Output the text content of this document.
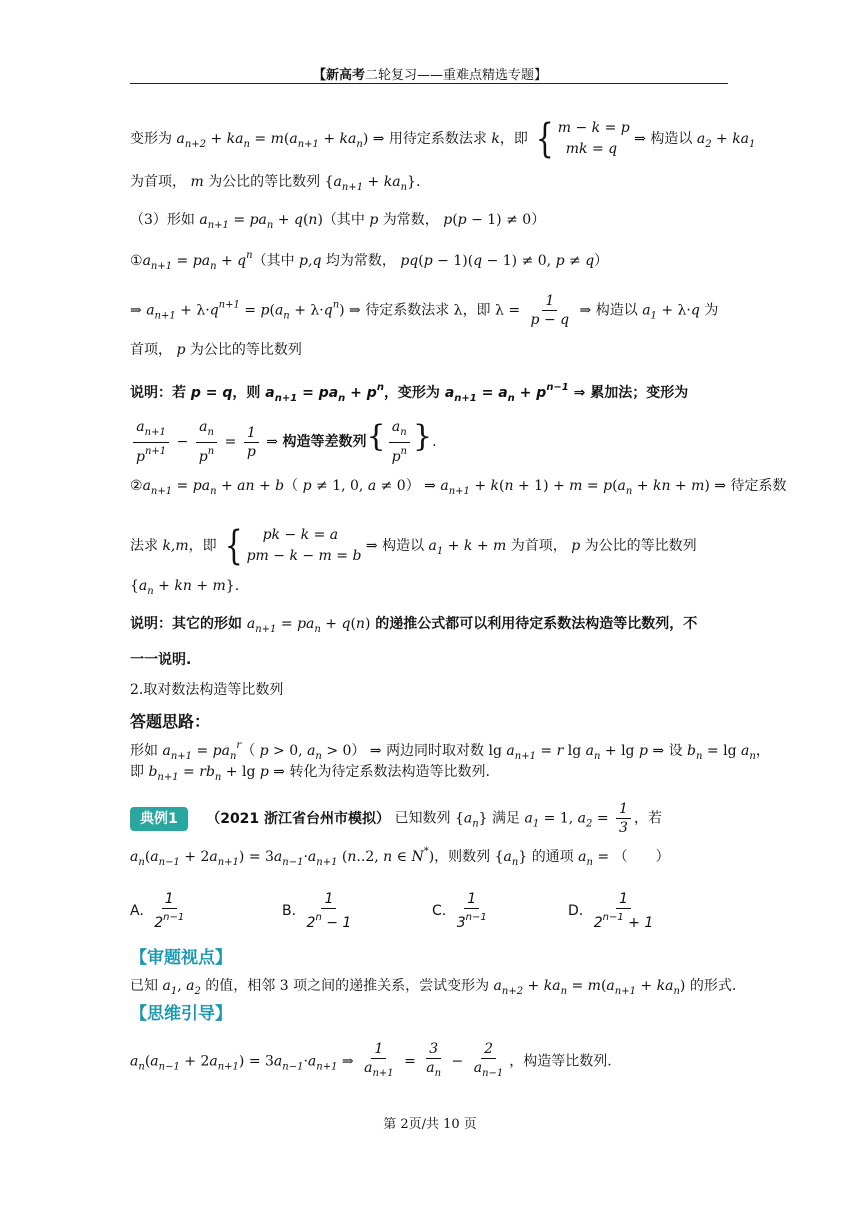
【新高考二轮复习——重难点精选专题】
变形为 $a_{n+2} + ka_n = m(a_{n+1} + ka_n)$ ⇒ 用待定系数法求 k，即 { m − k = p
mk = q
⇒ 构造以 $a_2 + ka_1$
为首项， m 为公比的等比数列 $\{a_{n+1} + ka_n\}$.
（3）形如 $a_{n+1} = pa_n + q(n)$（其中 p 为常数， p(p − 1) ≠ 0）
$①a_{n+1} = pa_n + q^n$（其中 p,q 均为常数， pq(p − 1)(q − 1) ≠ 0, p ≠ q）
⇒ $a_{n+1} + \lambda\cdot q^{n+1} = p(a_n + \lambda\cdot q^n)$ ⇒ 待定系数法求 λ，即 $\lambda = \frac{1}{p - q}$ ⇒ 构造以 $a_1 + \lambda\cdot q$ 为
首项， p 为公比的等比数列
说明：若 p = q，则 $a_{n+1} = pa_n + p^n$，变形为 $a_{n+1} = a_n + p^{n-1}$ ⇒ 累加法；变形为
$\frac{a_{n+1}}{p^{n+1}} - \frac{a_n}{p^n} = \frac{1}{p}$ ⇒ 构造等差数列{ $\frac{a_n}{p^n}$ }.
$②a_{n+1} = pa_n$ + an + b（ p ≠ 1, 0, a ≠ 0） ⇒ $a_{n+1} + k(n + 1) + m = p(a_n$ + kn + m) ⇒ 待定系数
法求 k,m，即 {	pk − k = a
pm − k − m = b
⇒ 构造以 $a_1 + k + m$ 为首项， p 为公比的等比数列
{$a_n$ + kn + m}.
说明：其它的形如 $a_{n+1} = pa_n + q(n)$ 的递推公式都可以利用待定系数法构造等比数列，不
一一说明.
2.取对数法构造等比数列
答题思路：
形如 $a_{n+1} = pa_n^r$（ p > 0, $a_n > 0$） ⇒ 两边同时取对数 $\lg a_{n+1} = r$ $\lg a_n + \lg p$ ⇒ 设 $b_n = \lg a_n$，
即 $b_{n+1} = rb_n + \lg p$ ⇒ 转化为待定系数法构造等比数列.
典例1 （2021 浙江省台州市模拟） 已知数列 $\{a_n\}$ 满足 $a_1 = 1$, $a_2 = \frac{1}{3}$ ，若
$a_n(a_{n-1} + 2a_{n+1}) = 3a_{n-1}\cdot a_{n+1}$ (n..2, n ∈ N*)，则数列 $\{a_n\}$ 的通项 $a_n$ = （　　）
A. $\frac{1}{2^{n-1}}$	B. $\frac{1}{2^n - 1}$	C. $\frac{1}{3^{n-1}}$	D. $\frac{1}{2^{n-1} + 1}$
【审题视点】
已知 $a_1$, $a_2$ 的值，相邻 3 项之间的递推关系，尝试变形为 $a_{n+2} + ka_n = m(a_{n+1} + ka_n)$ 的形式.
【思维引导】
$a_n(a_{n-1} + 2a_{n+1}) = 3a_{n-1}\cdot a_{n+1}$ ⇒ $\frac{1}{a_{n+1}} = \frac{3}{a_n} - \frac{2}{a_{n-1}}$ ，构造等比数列.
第 2页/共 10 页
